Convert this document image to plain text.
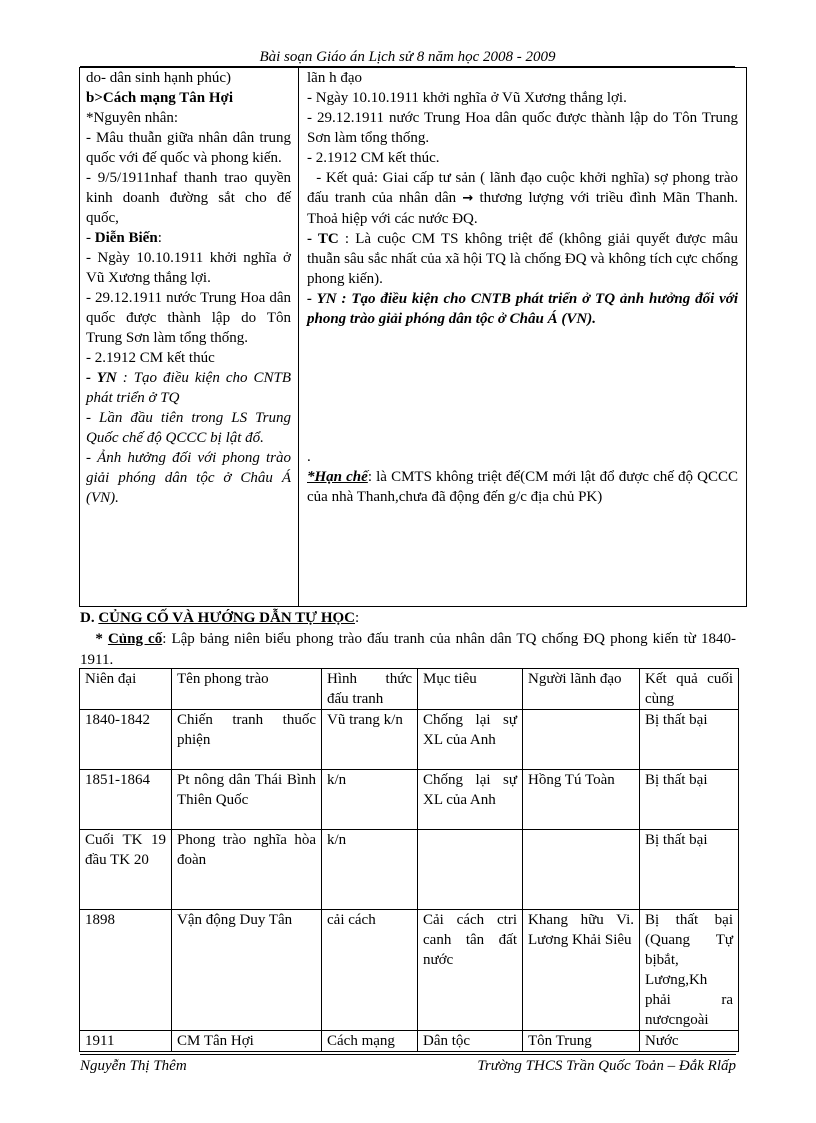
Bài soạn Giáo án Lịch sử 8 năm học 2008 - 2009

do- dân sinh hạnh phúc)

b>Cách mạng Tân Hợi

*Nguyên nhân:

- Mâu thuẫn giữa nhân dân trung quốc với đế quốc và phong kiến.

- 9/5/1911nhaf thanh trao quyền kinh doanh đường sắt cho đế quốc,

- Diễn Biến:

- Ngày 10.10.1911 khởi nghĩa ở Vũ Xương thắng lợi.

- 29.12.1911 nước Trung Hoa dân quốc được thành lập do Tôn Trung Sơn làm tổng thống.

- 2.1912 CM kết thúc

- YN : Tạo điều kiện cho CNTB phát triển ở TQ

- Lần đầu tiên trong LS Trung Quốc chế độ QCCC bị lật đổ.

- Ảnh hưởng đối với phong trào giải phóng dân tộc ở Châu Á (VN).

lãn h đạo

- Ngày 10.10.1911 khởi nghĩa ở Vũ Xương thắng lợi.

- 29.12.1911 nước Trung Hoa dân quốc được thành lập do Tôn Trung Sơn làm tổng thống.

- 2.1912 CM kết thúc.

- Kết quả: Giai cấp tư sản ( lãnh đạo cuộc khởi nghĩa) sợ phong trào đấu tranh của nhân dân → thương lượng với triều đình Mãn Thanh. Thoả hiệp với các nước ĐQ.

- TC : Là cuộc CM TS không triệt để (không giải quyết được mâu thuẫn sâu sắc nhất của xã hội TQ là chống ĐQ và không tích cực chống phong kiến).

- YN : Tạo điều kiện cho CNTB phát triển ở TQ ảnh hưởng đối với phong trào giải phóng dân tộc ở Châu Á (VN).

.

*Hạn chế: là CMTS không triệt để(CM mới lật đổ được chế độ QCCC của nhà Thanh,chưa đã động đến g/c địa chủ PK)

D. CỦNG CỐ VÀ HƯỚNG DẪN TỰ HỌC:

* Củng cố: Lập bảng niên biểu phong trào đấu tranh của nhân dân TQ chống ĐQ phong kiến từ 1840-1911.

Niên đại	Tên phong trào	Hình thức đấu tranh	Mục tiêu	Người lãnh đạo	Kết quả cuối cùng
1840-1842	Chiến tranh thuốc phiện	Vũ trang k/n	Chống lại sự XL của Anh		Bị thất bại
1851-1864	Pt nông dân Thái Bình Thiên Quốc	k/n	Chống lại sự XL của Anh	Hồng Tú Toàn	Bị thất bại
Cuối TK 19 đầu TK 20	Phong trào nghĩa hòa đoàn	k/n			Bị thất bại
1898	Vận động Duy Tân	cải cách	Cải cách ctri canh tân đất nước	Khang hữu Vi. Lương Khải Siêu	Bị thất bại (Quang Tự bịbắt, Lương,Kh phải ra nươcngoài
1911	CM Tân Hợi	Cách mạng	Dân tộc	Tôn Trung	Nước
Nguyễn Thị Thêm	Trường THCS Trần Quốc Toản – Đắk Rlấp
